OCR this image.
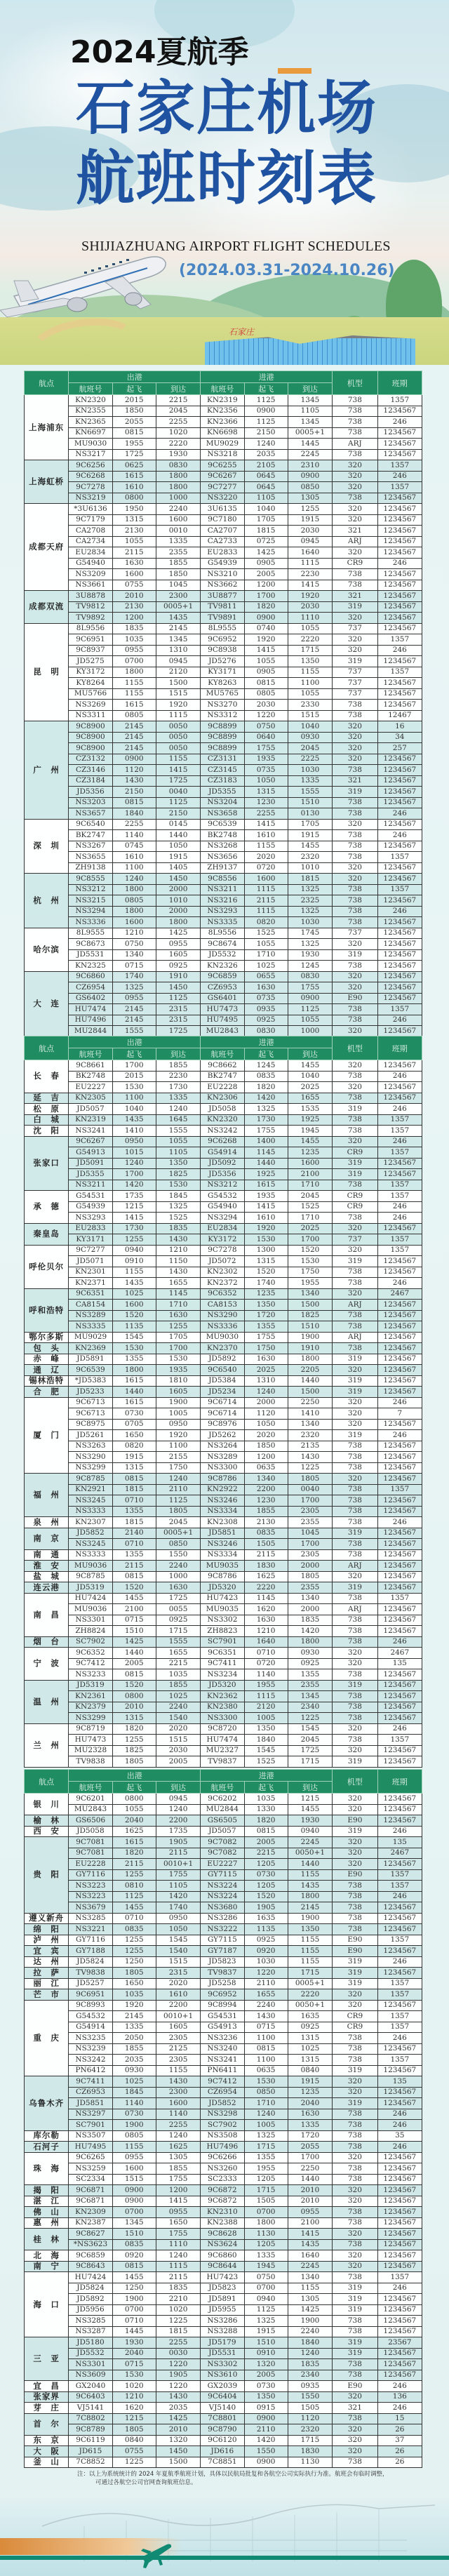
石家庄
2024夏航季
石家庄机场
航班时刻表
SHIJIAZHUANG AIRPORT FLIGHT SCHEDULES
(2024.03.31-2024.10.26)
航点	出港			进港			机型	班期
	航班号	起飞	到达	航班号	起飞	到达		
上海浦东	KN2320	2015	2215	KN2319	1125	1345	738	1357
	KN2355	1850	2045	KN2356	0900	1105	738	1234567
	KN2365	2055	2255	KN2366	1125	1345	738	246
	KN6697	0815	1020	KN6698	2150	0005+1	738	1234567
	MU9030	1955	2220	MU9029	1240	1445	ARJ	1234567
	NS3217	1725	1930	NS3218	2035	2245	738	1234567
上海虹桥	9C6256	0625	0830	9C6255	2105	2310	320	1357
	9C6268	1615	1800	9C6267	0645	0900	320	246
	9C7278	1610	1800	9C7277	0645	0850	320	1357
	NS3219	0800	1000	NS3220	1105	1305	738	1234567
成都天府	*3U6136	1950	2240	3U6135	1040	1255	320	1234567
	9C7179	1315	1600	9C7180	1705	1915	320	1234567
	CA2708	2130	0010	CA2707	1815	2030	321	1234567
	CA2734	1055	1335	CA2733	0725	0945	ARJ	1234567
	EU2834	2115	2355	EU2833	1425	1640	320	1234567
	G54940	1630	1855	G54939	0905	1115	CR9	246
	NS3209	1600	1850	NS3210	2005	2230	738	1234567
	NS3661	0755	1045	NS3662	1200	1415	738	1234567
成都双流	3U8878	2010	2300	3U8877	1700	1920	321	1234567
	TV9812	2130	0005+1	TV9811	1820	2030	319	1234567
	TV9892	1200	1435	TV9891	0900	1110	320	1234567
昆　明	8L9556	1835	2145	8L9555	0740	1055	737	1234567
	9C6951	1035	1345	9C6952	1920	2220	320	1357
	9C8937	0955	1310	9C8938	1415	1715	320	246
	JD5275	0700	0945	JD5276	1055	1350	319	1234567
	KY3172	1800	2120	KY3171	0905	1155	737	1357
	KY8264	1155	1500	KY8263	0815	1100	737	1234567
	MU5766	1155	1515	MU5765	0805	1055	737	1234567
	NS3269	1615	1920	NS3270	2030	2330	738	1234567
	NS3311	0805	1115	NS3312	1220	1515	738	12467
广　州	9C8900	2145	0050	9C8899	0750	1040	320	16
	9C8900	2145	0050	9C8899	0640	0930	320	34
	9C8900	2145	0050	9C8899	1755	2045	320	257
	CZ3132	0900	1155	CZ3131	1935	2225	320	1234567
	CZ3146	1120	1415	CZ3145	0735	1030	738	1234567
	CZ3184	1430	1725	CZ3183	1050	1335	321	1234567
	JD5356	2150	0040	JD5355	1315	1555	319	1234567
	NS3203	0815	1125	NS3204	1230	1510	738	1234567
	NS3657	1840	2150	NS3658	2255	0130	738	246
深　圳	9C6540	2255	0145	9C6539	1415	1705	320	1234567
	BK2747	1140	1440	BK2748	1610	1915	738	246
	NS3267	0745	1050	NS3268	1155	1455	738	1234567
	NS3655	1610	1915	NS3656	2020	2320	738	1357
	ZH9138	1100	1405	ZH9137	0720	1010	320	1234567
杭　州	9C8555	1240	1450	9C8556	1600	1815	320	1234567
	NS3212	1800	2000	NS3211	1115	1325	738	1357
	NS3215	0805	1010	NS3216	2115	2325	738	1234567
	NS3294	1800	2000	NS3293	1115	1325	738	246
	NS3336	1600	1800	NS3335	0820	1030	738	1234567
哈尔滨	8L9555	1210	1425	8L9556	1525	1745	737	1234567
	9C8673	0750	0955	9C8674	1055	1325	320	1234567
	JD5531	1340	1605	JD5532	1710	1930	319	1234567
	KN2325	0715	0925	KN2326	1025	1245	738	1234567
大　连	9C6860	1740	1910	9C6859	0655	0830	320	1234567
	CZ6954	1325	1450	CZ6953	1630	1755	320	1234567
	GS6402	0955	1125	GS6401	0735	0900	E90	1234567
	HU7474	2145	2315	HU7473	0935	1125	738	1357
	HU7496	2145	2315	HU7495	0925	1055	738	246
	MU2844	1555	1725	MU2843	0830	1000	320	1234567
航点	出港			进港			机型	班期
	航班号	起飞	到达	航班号	起飞	到达		
长　春	9C8661	1700	1855	9C8662	1245	1455	320	1234567
	BK2748	2015	2230	BK2747	0835	1040	738	246
	EU2227	1530	1730	EU2228	1820	2025	320	1234567
延　吉	KN2305	1100	1335	KN2306	1420	1655	738	1234567
松　原	JD5057	1040	1240	JD5058	1325	1535	319	246
白　城	KN2319	1435	1645	KN2320	1730	1925	738	1357
沈　阳	NS3241	1410	1555	NS3242	1755	1945	738	1357
张家口	9C6267	0950	1055	9C6268	1400	1455	320	246
	G54913	1015	1105	G54914	1145	1235	CR9	1357
	JD5091	1240	1350	JD5092	1440	1600	319	1234567
	JD5355	1700	1825	JD5356	1925	2100	319	1234567
	NS3211	1420	1530	NS3212	1615	1710	738	1357
承　德	G54531	1735	1845	G54532	1935	2045	CR9	1357
	G54939	1215	1325	G54940	1415	1525	CR9	246
	NS3293	1415	1525	NS3294	1610	1710	738	246
秦皇岛	EU2833	1730	1835	EU2834	1920	2025	320	1234567
	KY3171	1255	1430	KY3172	1530	1700	737	1357
呼伦贝尔	9C7277	0940	1210	9C7278	1300	1520	320	1357
	JD5071	0910	1150	JD5072	1315	1530	319	1234567
	KN2301	1155	1430	KN2302	1520	1750	738	1234567
	KN2371	1435	1655	KN2372	1740	1955	738	246
呼和浩特	9C6351	1025	1145	9C6352	1235	1340	320	2467
	CA8154	1600	1710	CA8153	1350	1500	ARJ	1234567
	NS3289	1520	1630	NS3290	1720	1825	738	1234567
	NS3335	1135	1255	NS3336	1355	1510	738	1234567
鄂尔多斯	MU9029	1545	1705	MU9030	1755	1900	ARJ	1234567
包　头	KN2369	1530	1700	KN2370	1750	1910	738	1234567
赤　峰	JD5891	1355	1530	JD5892	1630	1800	319	1234567
通　辽	9C6539	1800	1935	9C6540	2025	2205	320	1234567
锡林浩特	*JD5383	1615	1810	JD5384	1310	1440	319	1234567
合　肥	JD5233	1440	1605	JD5234	1240	1500	319	1234567
厦　门	9C6713	1615	1900	9C6714	2000	2250	320	246
	9C6713	0730	1005	9C6714	1120	1410	320	7
	9C8975	0705	0950	9C8976	1050	1340	320	1234567
	JD5261	1650	1920	JD5262	2020	2320	319	246
	NS3263	0820	1100	NS3264	1850	2135	738	1234567
	NS3290	1915	2155	NS3289	1200	1430	738	1234567
	NS3299	1315	1750	NS3300	0635	1225	738	1234567
福　州	9C8785	0815	1240	9C8786	1340	1805	320	1234567
	KN2921	1815	2110	KN2922	2200	0040	738	1357
	NS3245	0710	1125	NS3246	1230	1700	738	1234567
	NS3333	1355	1805	NS3334	1855	2305	738	1234567
泉　州	KN2307	1815	2045	KN2308	2130	2355	738	246
南　京	JD5852	2140	0005+1	JD5851	0835	1045	319	1234567
	NS3245	0710	0850	NS3246	1505	1700	738	1234567
南　通	NS3333	1355	1550	NS3334	2115	2305	738	1234567
淮　安	MU9036	2115	2240	MU9035	1830	2000	ARJ	1234567
盐　城	9C8785	0815	1000	9C8786	1625	1805	320	1234567
连云港	JD5319	1520	1630	JD5320	2220	2355	319	1234567
南　昌	HU7424	1455	1725	HU7423	1145	1340	738	1357
	MU9036	2100	0055	MU9035	1620	2000	ARJ	1234567
	NS3301	0715	0925	NS3302	1630	1835	738	1234567
	ZH8824	1510	1715	ZH8823	1210	1420	738	1234567
烟　台	SC7902	1425	1555	SC7901	1640	1800	738	246
宁　波	9C6352	1440	1655	9C6351	0710	0930	320	2467
	9C7412	2005	2215	9C7411	0720	0925	320	135
	NS3233	0815	1035	NS3234	1140	1355	738	1234567
温　州	JD5319	1520	1855	JD5320	1955	2355	319	1234567
	KN2361	0800	1025	KN2362	1115	1345	738	1234567
	KN2379	2010	2240	KN2380	2120	2340	738	1234567
	NS3299	1315	1540	NS3300	1005	1225	738	1234567
兰　州	9C8719	1820	2020	9C8720	1350	1545	320	246
	HU7473	1255	1515	HU7474	1840	2045	738	1357
	MU2328	1825	2030	MU2327	1545	1725	320	1234567
	TV9838	1805	2005	TV9837	1525	1715	319	1234567
航点	出港			进港			机型	班期
	航班号	起飞	到达	航班号	起飞	到达		
银　川	9C6201	0800	0945	9C6202	1035	1215	320	1234567
	MU2843	1055	1240	MU2844	1330	1455	320	1234567
榆　林	GS6506	2040	2200	GS6505	1820	1930	E90	1234567
西　安	JD5058	1625	1735	JD5057	0815	0940	319	246
贵　阳	9C7081	1615	1905	9C7082	2005	2245	320	135
	9C7081	1820	2115	9C7082	2215	0050+1	320	2467
	EU2228	2115	0010+1	EU2227	1205	1440	320	1234567
	GY7116	1255	1755	GY7115	0730	1155	E90	1357
	NS3223	0810	1105	NS3224	1205	1435	738	1357
	NS3223	1125	1420	NS3224	1520	1800	738	246
	NS3679	1455	1740	NS3680	1905	2145	738	1234567
遵义新舟	NS3285	0710	0950	NS3286	1635	1900	738	1234567
绵　阳	NS3221	0835	1050	NS3222	1135	1350	738	1234567
泸　州	GY7116	1255	1545	GY7115	0925	1155	E90	1357
宜　宾	GY7188	1255	1540	GY7187	0920	1155	E90	1234567
达　州	JD5824	1250	1515	JD5823	1030	1155	319	246
拉　萨	TV9838	1805	2315	TV9837	1220	1715	319	1234567
丽　江	JD5257	1650	2020	JD5258	2110	0005+1	319	1357
芒　市	9C6951	1035	1610	9C6952	1655	2220	320	1357
重　庆	9C8993	1920	2200	9C8994	2240	0050+1	320	1234567
	G54532	2145	0010+1	G54531	1430	1635	CR9	1357
	G54914	1335	1605	G54913	0715	0925	CR9	1357
	NS3235	2050	2305	NS3236	1100	1315	738	246
	NS3239	1855	2125	NS3240	0815	1025	738	1234567
	NS3242	2035	2305	NS3241	1100	1315	738	1357
	PN6412	0930	1155	PN6411	0635	0840	319	1234567
乌鲁木齐	9C7411	1025	1430	9C7412	1530	1915	320	135
	CZ6953	1845	2300	CZ6954	0850	1235	320	1234567
	JD5851	1140	1600	JD5852	1710	2040	319	1234567
	NS3297	0730	1140	NS3298	1240	1630	738	246
	SC7901	1900	2255	SC7902	1005	1335	738	246
库尔勒	NS3507	0805	1240	NS3508	1325	1720	738	35
石河子	HU7495	1155	1625	HU7496	1715	2055	738	246
珠　海	9C6265	0955	1305	9C6266	1355	1700	320	1234567
	NS3259	1600	1855	NS3260	1955	2250	738	1234567
	SC2334	1515	1755	SC2333	1205	1440	738	1234567
揭　阳	9C6871	0900	1200	9C6872	1715	2010	320	1234567
湛　江	9C6871	0900	1415	9C6872	1505	2010	320	1234567
佛　山	KN2309	0700	0955	KN2310	0700	0955	738	1234567
惠　州	KN2387	1345	1650	KN2388	1800	2100	738	1234567
桂　林	9C8627	1510	1755	9C8628	1130	1415	320	1234567
	*NS3623	0835	1110	NS3624	1205	1435	738	1234567
北　海	9C6859	0920	1240	9C6860	1335	1640	320	1234567
南　宁	9C8643	0815	1115	9C8644	1945	2245	320	1234567
海　口	HU7424	1455	2115	HU7423	0750	1340	738	1357
	JD5824	1250	1835	JD5823	0700	1155	319	246
	JD5892	1900	2210	JD5891	0940	1305	319	1234567
	JD5956	0700	1020	JD5955	1125	1425	319	1234567
	NS3285	0710	1225	NS3286	1325	1900	738	1234567
	NS3287	1445	1815	NS3288	1915	2240	738	1234567
三　亚	JD5180	1930	2255	JD5179	1510	1840	319	23567
	JD5532	2040	0030	JD5531	0910	1240	319	1234567
	NS3301	0715	1220	NS3302	1320	1835	738	1234567
	NS3609	1530	1905	NS3610	2005	2340	738	1234567
宜　昌	GX2040	1020	1220	GX2039	0730	0935	E90	246
张家界	9C6403	1210	1430	9C6404	1350	1550	320	136
芽　庄	VJ5141	1620	2035	VJ5140	0915	1505	321	246
首　尔	7C8802	1215	1425	7C8801	0900	1120	738	15
	9C8789	1805	2010	9C8790	2110	2320	320	26
东　京	9C6119	0840	1320	9C6120	1420	1715	320	37
大　阪	JD615	0755	1450	JD616	1550	1830	320	26
釜　山	7C8852	1225	1500	7C8851	0900	1130	738	26
注：以上为系统统计的 2024 年夏航季航班计划，具体以民航局批复和各航空公司实际执行为准。航班会有临时调整，
可通过各航空公司官网查询航班信息。
